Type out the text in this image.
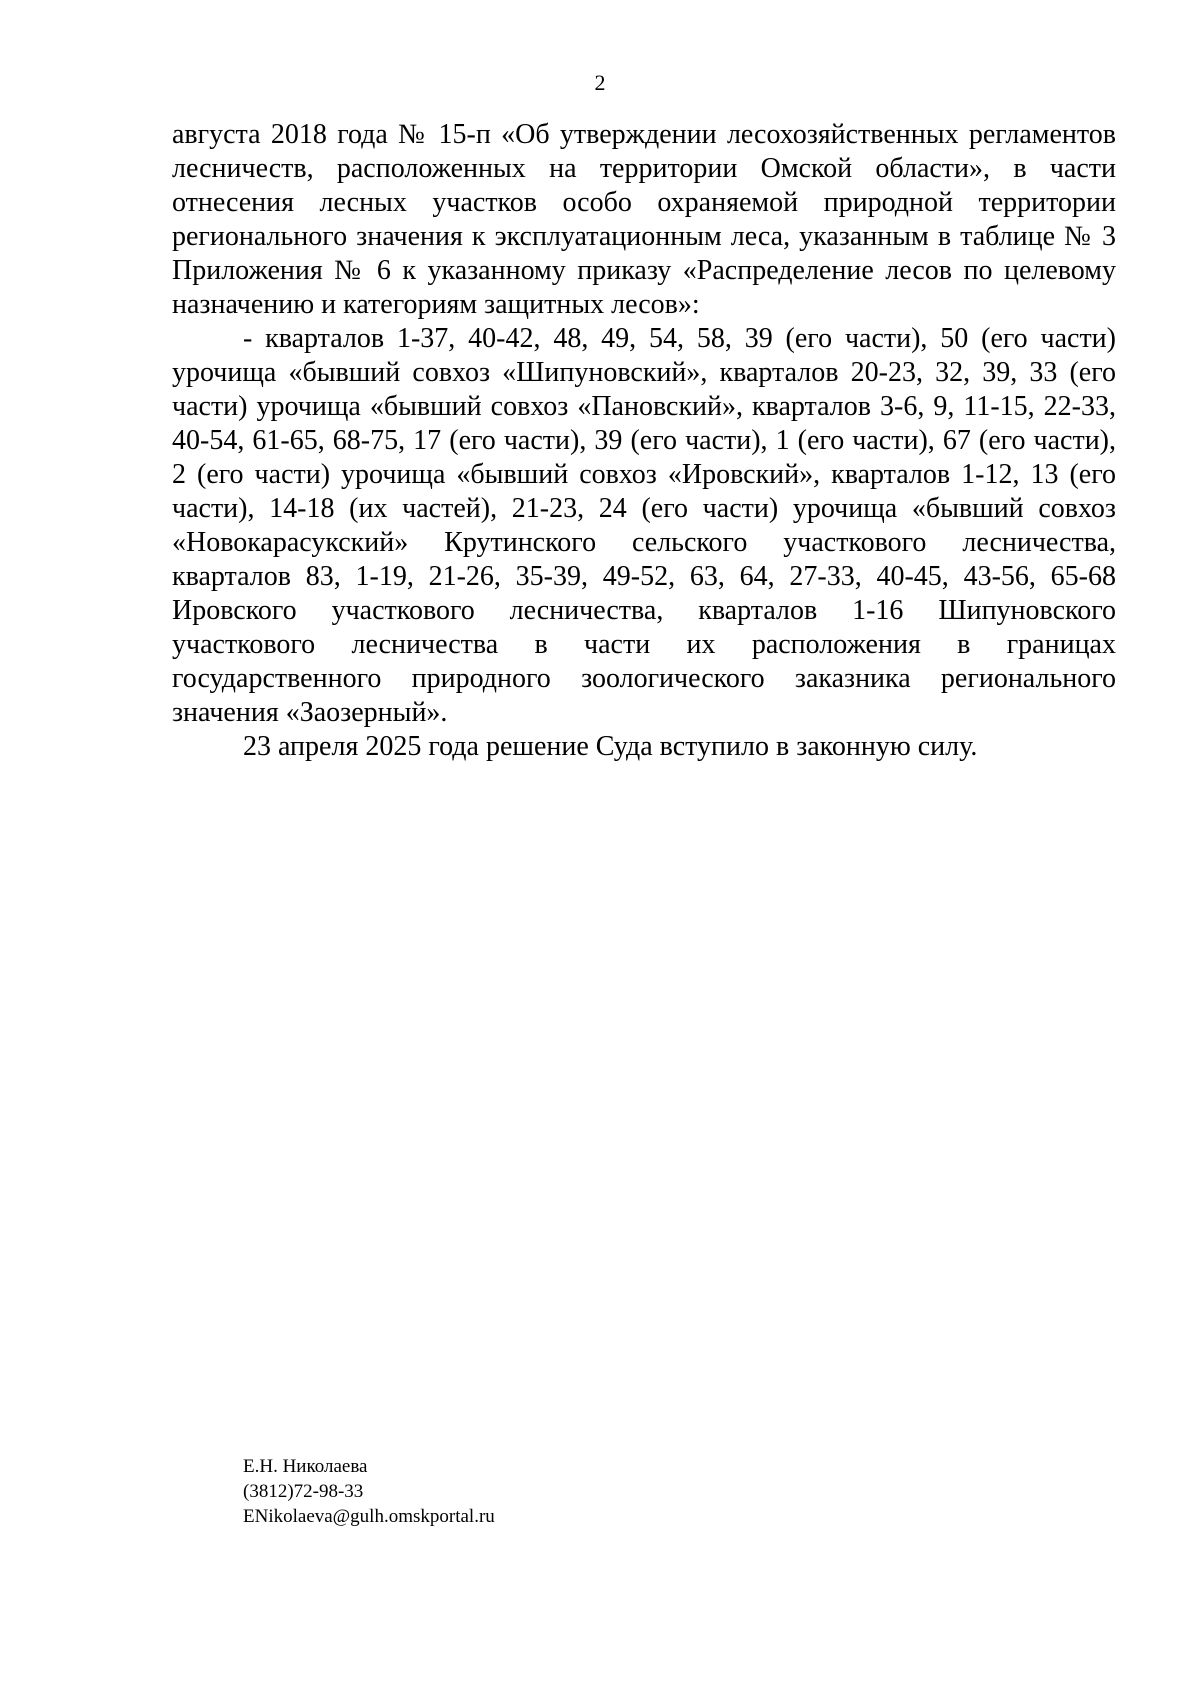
2

августа 2018 года № 15-п «Об утверждении лесохозяйственных регламентов лесничеств, расположенных на территории Омской области», в части отнесения лесных участков особо охраняемой природной территории регионального значения к эксплуатационным леса, указанным в таблице № 3 Приложения № 6 к указанному приказу «Распределение лесов по целевому назначению и категориям защитных лесов»:

- кварталов 1-37, 40-42, 48, 49, 54, 58, 39 (его части), 50 (его части) урочища «бывший совхоз «Шипуновский», кварталов 20-23, 32, 39, 33 (его части) урочища «бывший совхоз «Пановский», кварталов 3-6, 9, 11-15, 22-33, 40-54, 61-65, 68-75, 17 (его части), 39 (его части), 1 (его части), 67 (его части), 2 (его части) урочища «бывший совхоз «Ировский», кварталов 1-12, 13 (его части), 14-18 (их частей), 21-23, 24 (его части) урочища «бывший совхоз «Новокарасукский» Крутинского сельского участкового лесничества, кварталов 83, 1-19, 21-26, 35-39, 49-52, 63, 64, 27-33, 40-45, 43-56, 65-68 Ировского участкового лесничества, кварталов 1-16 Шипуновского участкового лесничества в части их расположения в границах государственного природного зоологического заказника регионального значения «Заозерный».

23 апреля 2025 года решение Суда вступило в законную силу.

Е.Н. Николаева
(3812)72-98-33
ENikolaeva@gulh.omskportal.ru
